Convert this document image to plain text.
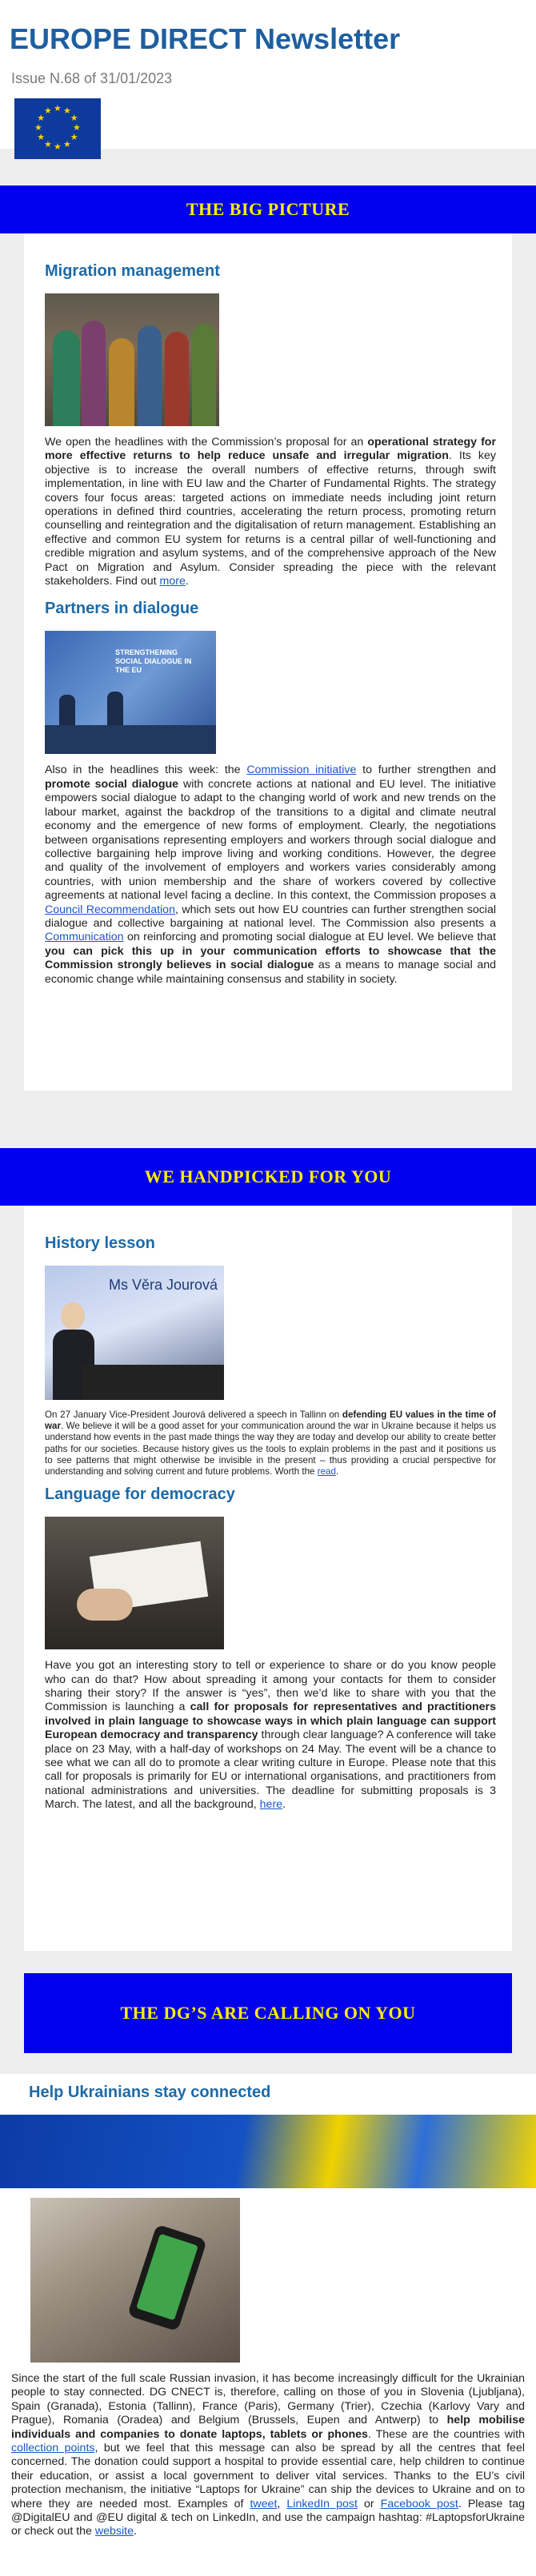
EUROPE DIRECT Newsletter
Issue N.68 of 31/01/2023
★ ★
★
★
★
★
★
★
★
★
★
★
THE BIG PICTURE
Migration management

We open the headlines with the Commission’s proposal for an operational strategy for more effective returns to help reduce unsafe and irregular migration. Its key objective is to increase the overall numbers of effective returns, through swift implementation, in line with EU law and the Charter of Fundamental Rights. The strategy covers four focus areas: targeted actions on immediate needs including joint return operations in defined third countries, accelerating the return process, promoting return counselling and reintegration and the digitalisation of return management. Establishing an effective and common EU system for returns is a central pillar of well-functioning and credible migration and asylum systems, and of the comprehensive approach of the New Pact on Migration and Asylum. Consider spreading the piece with the relevant stakeholders. Find out more.

Partners in dialogue
STRENGTHENING SOCIAL DIALOGUE IN THE EU

Also in the headlines this week: the Commission initiative to further strengthen and promote social dialogue with concrete actions at national and EU level. The initiative empowers social dialogue to adapt to the changing world of work and new trends on the labour market, against the backdrop of the transitions to a digital and climate neutral economy and the emergence of new forms of employment. Clearly, the negotiations between organisations representing employers and workers through social dialogue and collective bargaining help improve living and working conditions. However, the degree and quality of the involvement of employers and workers varies considerably among countries, with union membership and the share of workers covered by collective agreements at national level facing a decline. In this context, the Commission proposes a Council Recommendation, which sets out how EU countries can further strengthen social dialogue and collective bargaining at national level. The Commission also presents a Communication on reinforcing and promoting social dialogue at EU level. We believe that you can pick this up in your communication efforts to showcase that the Commission strongly believes in social dialogue as a means to manage social and economic change while maintaining consensus and stability in society.

WE HANDPICKED FOR YOU
History lesson
Ms Věra Jourová

On 27 January Vice-President Jourová delivered a speech in Tallinn on defending EU values in the time of war. We believe it will be a good asset for your communication around the war in Ukraine because it helps us understand how events in the past made things the way they are today and develop our ability to create better paths for our societies. Because history gives us the tools to explain problems in the past and it positions us to see patterns that might otherwise be invisible in the present – thus providing a crucial perspective for understanding and solving current and future problems. Worth the read.

Language for democracy

Have you got an interesting story to tell or experience to share or do you know people who can do that? How about spreading it among your contacts for them to consider sharing their story? If the answer is “yes”, then we’d like to share with you that the Commission is launching a call for proposals for representatives and practitioners involved in plain language to showcase ways in which plain language can support European democracy and transparency through clear language? A conference will take place on 23 May, with a half-day of workshops on 24 May. The event will be a chance to see what we can all do to promote a clear writing culture in Europe. Please note that this call for proposals is primarily for EU or international organisations, and practitioners from national administrations and universities. The deadline for submitting proposals is 3 March. The latest, and all the background, here.

THE DG’S ARE CALLING ON YOU
Help Ukrainians stay connected

Since the start of the full scale Russian invasion, it has become increasingly difficult for the Ukrainian people to stay connected. DG CNECT is, therefore, calling on those of you in Slovenia (Ljubljana), Spain (Granada), Estonia (Tallinn), France (Paris), Germany (Trier), Czechia (Karlovy Vary and Prague), Romania (Oradea) and Belgium (Brussels, Eupen and Antwerp) to help mobilise individuals and companies to donate laptops, tablets or phones. These are the countries with collection points, but we feel that this message can also be spread by all the centres that feel concerned. The donation could support a hospital to provide essential care, help children to continue their education, or assist a local government to deliver vital services. Thanks to the EU’s civil protection mechanism, the initiative “Laptops for Ukraine” can ship the devices to Ukraine and on to where they are needed most. Examples of tweet, LinkedIn post or Facebook post. Please tag @DigitalEU and @EU digital & tech on LinkedIn, and use the campaign hashtag: #LaptopsforUkraine or check out the website.
